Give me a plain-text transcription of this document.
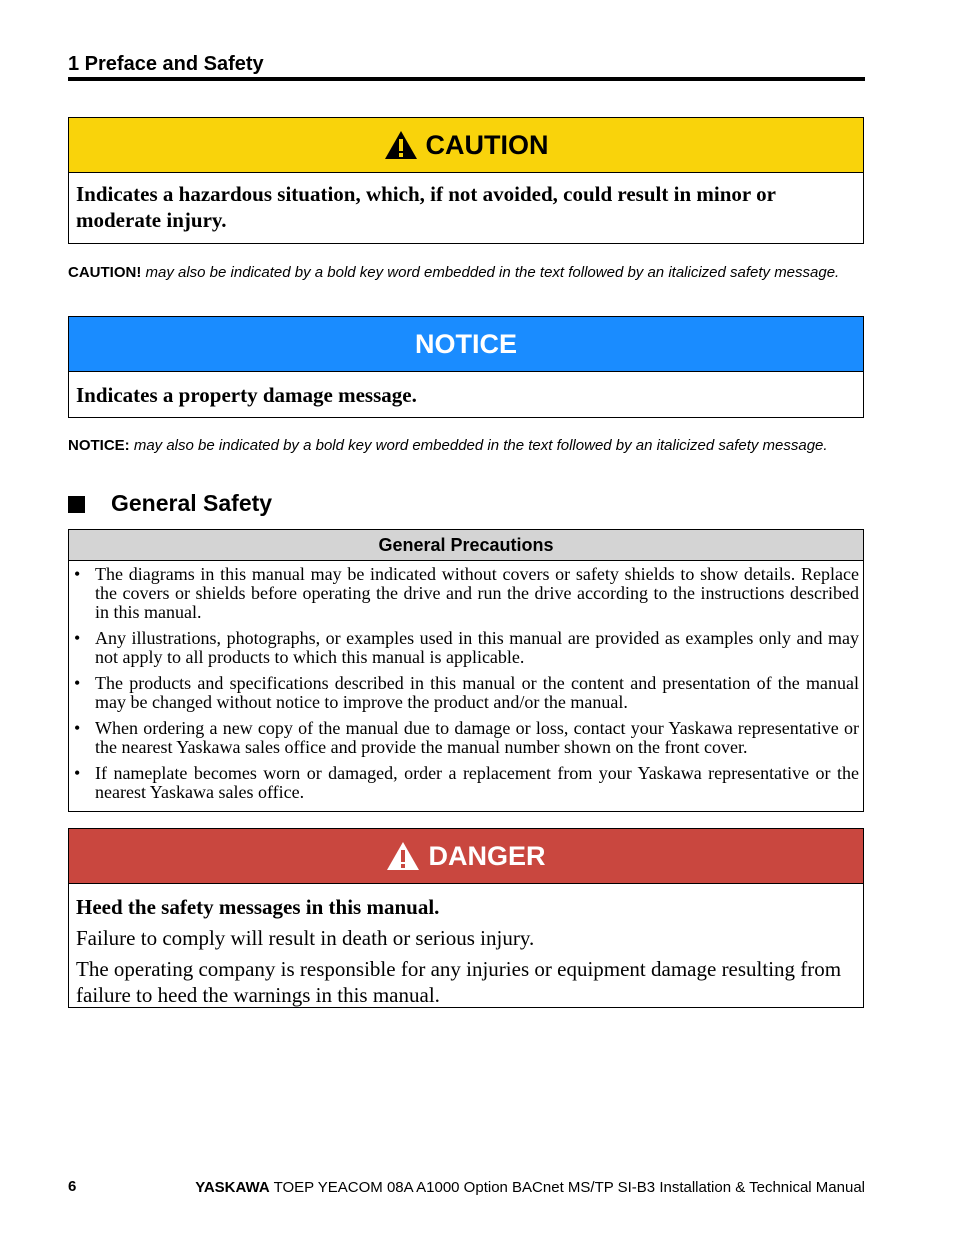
1 Preface and Safety
CAUTION
Indicates a hazardous situation, which, if not avoided, could result in minor or moderate injury.
CAUTION! may also be indicated by a bold key word embedded in the text followed by an italicized safety message.
NOTICE
Indicates a property damage message.
NOTICE: may also be indicated by a bold key word embedded in the text followed by an italicized safety message.
General Safety
General Precautions
• The diagrams in this manual may be indicated without covers or safety shields to show details. Replace the covers or shields before operating the drive and run the drive according to the instructions described in this manual.
• Any illustrations, photographs, or examples used in this manual are provided as examples only and may not apply to all products to which this manual is applicable.
• The products and specifications described in this manual or the content and presentation of the manual may be changed without notice to improve the product and/or the manual.
• When ordering a new copy of the manual due to damage or loss, contact your Yaskawa representative or the nearest Yaskawa sales office and provide the manual number shown on the front cover.
• If nameplate becomes worn or damaged, order a replacement from your Yaskawa representative or the nearest Yaskawa sales office.
DANGER
Heed the safety messages in this manual.
Failure to comply will result in death or serious injury.
The operating company is responsible for any injuries or equipment damage resulting from failure to heed the warnings in this manual.
6	YASKAWA TOEP YEACOM 08A A1000 Option BACnet MS/TP SI-B3 Installation & Technical Manual
